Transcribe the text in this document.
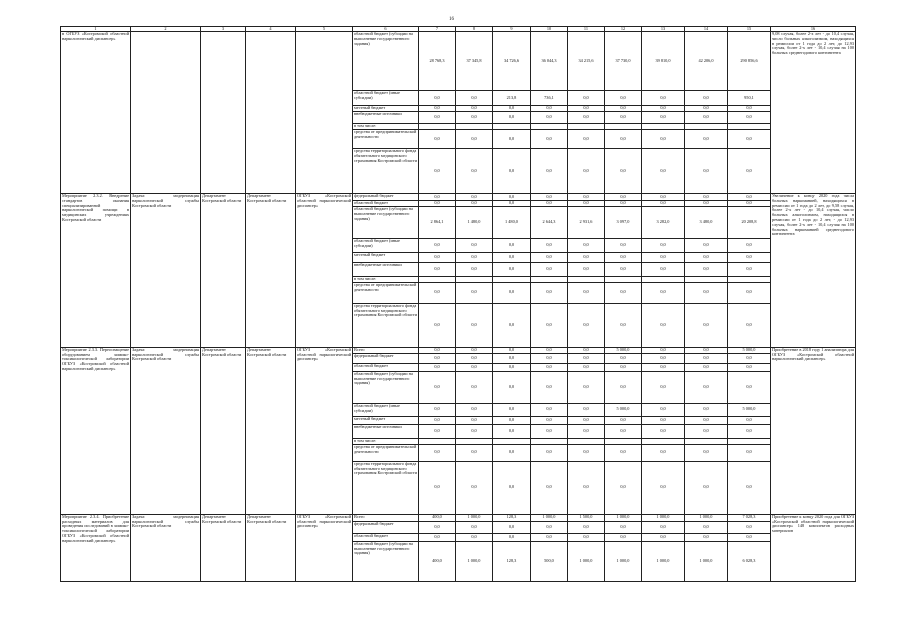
16
1	2	3	4	5	6	7	8	9	10	11	12	13	14	15	16
в ОГБУЗ «Костромской областной наркологический диспансер»					областной бюджет (субсидии на выполнение государственного задания)	28 768,3	37 345,8	34 726,6	36 044,3	34 215,6	37 730,0	39 810,0	42 206,0	290 856,6	9,08 случая, более 2-х лет - до 10,4 случая, число больных алкоголизмом, находящихся в ремиссии от 1 года до 2 лет, до 12,93 случая, более 2-х лет - 10,4 случая на 100 больных среднегодового контингента
					областной бюджет (иные субсидии)	0,0	0,0	213,8	736,1	0,0	0,0	0,0	0,0	950,1	
					местный бюджет	0,0	0,0	0,0	0,0	0,0	0,0	0,0	0,0	0,0	
					внебюджетные источники	0,0	0,0	0,0	0,0	0,0	0,0	0,0	0,0	0,0	
					в том числе:										
					средства от предпринимательской деятельности	0,0	0,0	0,0	0,0	0,0	0,0	0,0	0,0	0,0	
					средства территориального фонда обязательного медицинского страхования Костромской области	0,0	0,0	0,0	0,0	0,0	0,0	0,0	0,0	0,0	
Мероприятие 2.3.2. Внедрение стандартов оказания специализированной наркологической помощи в медицинских учреждениях Костромской области	Задача: модернизация наркологической службы Костромской области	Департамент Костромской области	Департамент Костромской области	ОГБУЗ «Костромской областной наркологический диспансер»	федеральный бюджет	0,0	0,0	0,0	0,0	0,0	0,0	0,0	0,0	0,0	Увеличение к концу 2020 года числа больных наркоманией, находящихся в ремиссии от 1 года до 2 лет, до 9,58 случая, более 2-х лет - до 10,4 случая, число больных алкоголизмом, находящихся в ремиссии от 1 года до 2 лет, - до 12,93 случая, более 2-х лет - 10,4 случая на 100 больных наркоманией среднегодового контингента
					областной бюджет	0,0	0,0	0,0	0,0	0,0	0,0	0,0	0,0	0,0	
					областной бюджет (субсидии на выполнение государственного задания)	2 864,1	1 480,0	1 480,0	2 644,3	2 931,6	3 097,0	3 282,0	3 480,0	20 208,8	
					областной бюджет (иные субсидии)	0,0	0,0	0,0	0,0	0,0	0,0	0,0	0,0	0,0	
					местный бюджет	0,0	0,0	0,0	0,0	0,0	0,0	0,0	0,0	0,0	
					внебюджетные источники	0,0	0,0	0,0	0,0	0,0	0,0	0,0	0,0	0,0	
					в том числе:										
					средства от предпринимательской деятельности	0,0	0,0	0,0	0,0	0,0	0,0	0,0	0,0	0,0	
					средства территориального фонда обязательного медицинского страхования Костромской области	0,0	0,0	0,0	0,0	0,0	0,0	0,0	0,0	0,0	
Мероприятие 2.3.3. Переоснащение оборудованием химико-токсикологической лаборатории ОГБУЗ «Костромской областной наркологический диспансер»	Задача: модернизация наркологической службы Костромской области	Департамент Костромской области	Департамент Костромской области	ОГБУЗ «Костромской областной наркологический диспансер»	Всего	0,0	0,0	0,0	0,0	0,0	5 000,0	0,0	0,0	5 000,0	Приобретение в 2018 году 1 анализатора для ОГБУЗ «Костромской областной наркологический диспансер»
					федеральный бюджет	0,0	0,0	0,0	0,0	0,0	0,0	0,0	0,0	0,0	
					областной бюджет	0,0	0,0	0,0	0,0	0,0	0,0	0,0	0,0	0,0	
					областной бюджет (субсидии на выполнение государственного задания)	0,0	0,0	0,0	0,0	0,0	0,0	0,0	0,0	0,0	
					областной бюджет (иные субсидии)	0,0	0,0	0,0	0,0	0,0	5 000,0	0,0	0,0	5 000,0	
					местный бюджет	0,0	0,0	0,0	0,0	0,0	0,0	0,0	0,0	0,0	
					внебюджетные источники	0,0	0,0	0,0	0,0	0,0	0,0	0,0	0,0	0,0	
					в том числе:										
					средства от предпринимательской деятельности	0,0	0,0	0,0	0,0	0,0	0,0	0,0	0,0	0,0	
					средства территориального фонда обязательного медицинского страхования Костромской области	0,0	0,0	0,0	0,0	0,0	0,0	0,0	0,0	0,0	
Мероприятие 2.3.4. Приобретение расходных материалов для проведения исследований в химико-токсикологической лаборатории ОГБУЗ «Костромской областной наркологический диспансер»	Задача: модернизация наркологической службы Костромской области	Департамент Костромской области	Департамент Костромской области	ОГБУЗ «Костромской областной наркологический диспансер»	Всего	400,0	1 000,0	128,3	1 000,0	1 500,0	1 000,0	1 000,0	1 000,0	7 028,3	Приобретение к концу 2020 года для ОГБУЗ «Костромской областной наркологический диспансер» 148 комплектов расходных материалов
					федеральный бюджет	0,0	0,0	0,0	0,0	0,0	0,0	0,0	0,0	0,0	
					областной бюджет	0,0	0,0	0,0	0,0	0,0	0,0	0,0	0,0	0,0	
					областной бюджет (субсидии на выполнение государственного задания)	400,0	1 000,0	128,3	500,0	1 000,0	1 000,0	1 000,0	1 000,0	6 028,3	
